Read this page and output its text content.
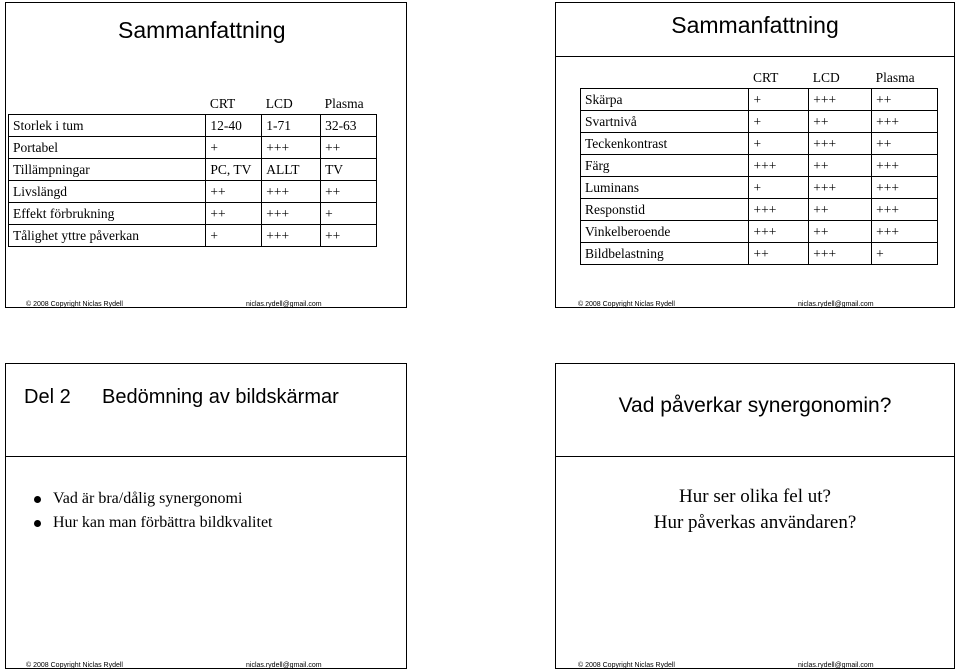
Sammanfattning
	CRT	LCD	Plasma
Storlek i tum	12-40	1-71	32-63
Portabel	+	+++	++
Tillämpningar	PC, TV	ALLT	TV
Livslängd	++	+++	++
Effekt förbrukning	++	+++	+
Tålighet yttre påverkan	+	+++	++
© 2008 Copyright Niclas Rydell	niclas.rydell@gmail.com
Sammanfattning
	CRT	LCD	Plasma
Skärpa	+	+++	++
Svartnivå	+	++	+++
Teckenkontrast	+	+++	++
Färg	+++	++	+++
Luminans	+	+++	+++
Responstid	+++	++	+++
Vinkelberoende	+++	++	+++
Bildbelastning	++	+++	+
© 2008 Copyright Niclas Rydell	niclas.rydell@gmail.com
Del 2 Bedömning av bildskärmar
Vad är bra/dålig synergonomi
Hur kan man förbättra bildkvalitet
© 2008 Copyright Niclas Rydell	niclas.rydell@gmail.com
Vad påverkar synergonomin?
Hur ser olika fel ut?
Hur påverkas användaren?
© 2008 Copyright Niclas Rydell	niclas.rydell@gmail.com
